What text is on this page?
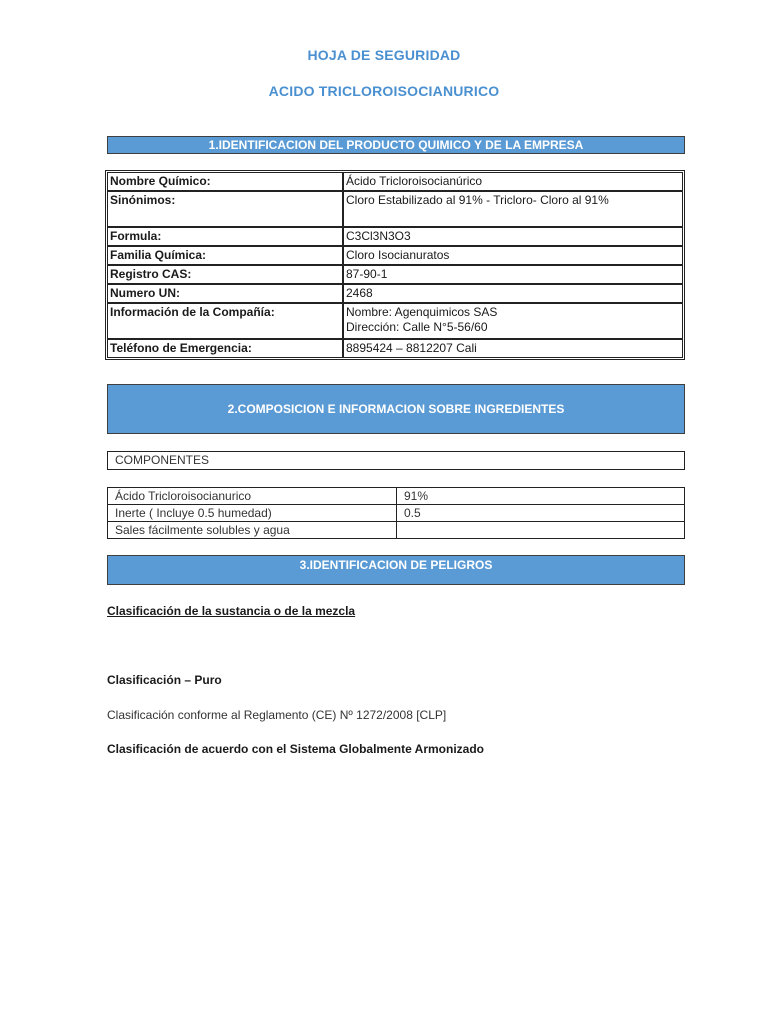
HOJA DE SEGURIDAD
ACIDO TRICLOROISOCIANURICO
1.IDENTIFICACION DEL PRODUCTO QUIMICO Y DE LA EMPRESA
Nombre Químico:	Ácido Tricloroisocianúrico
Sinónimos:	Cloro Estabilizado al 91% - Tricloro- Cloro al 91%
Formula:	C3Cl3N3O3
Familia Química:	Cloro Isocianuratos
Registro CAS:	87-90-1
Numero UN:	2468
Información de la Compañía:	Nombre: Agenquimicos SAS
Dirección: Calle N°5-56/60

Teléfono de Emergencia:	8895424 – 8812207 Cali
2.COMPOSICION E INFORMACION SOBRE INGREDIENTES
COMPONENTES
Ácido Tricloroisocianurico	91%
Inerte ( Incluye 0.5 humedad)	0.5
Sales fácilmente solubles y agua	
3.IDENTIFICACION DE PELIGROS
Clasificación de la sustancia o de la mezcla
Clasificación – Puro
Clasificación conforme al Reglamento (CE) Nº 1272/2008 [CLP]
Clasificación de acuerdo con el Sistema Globalmente Armonizado
